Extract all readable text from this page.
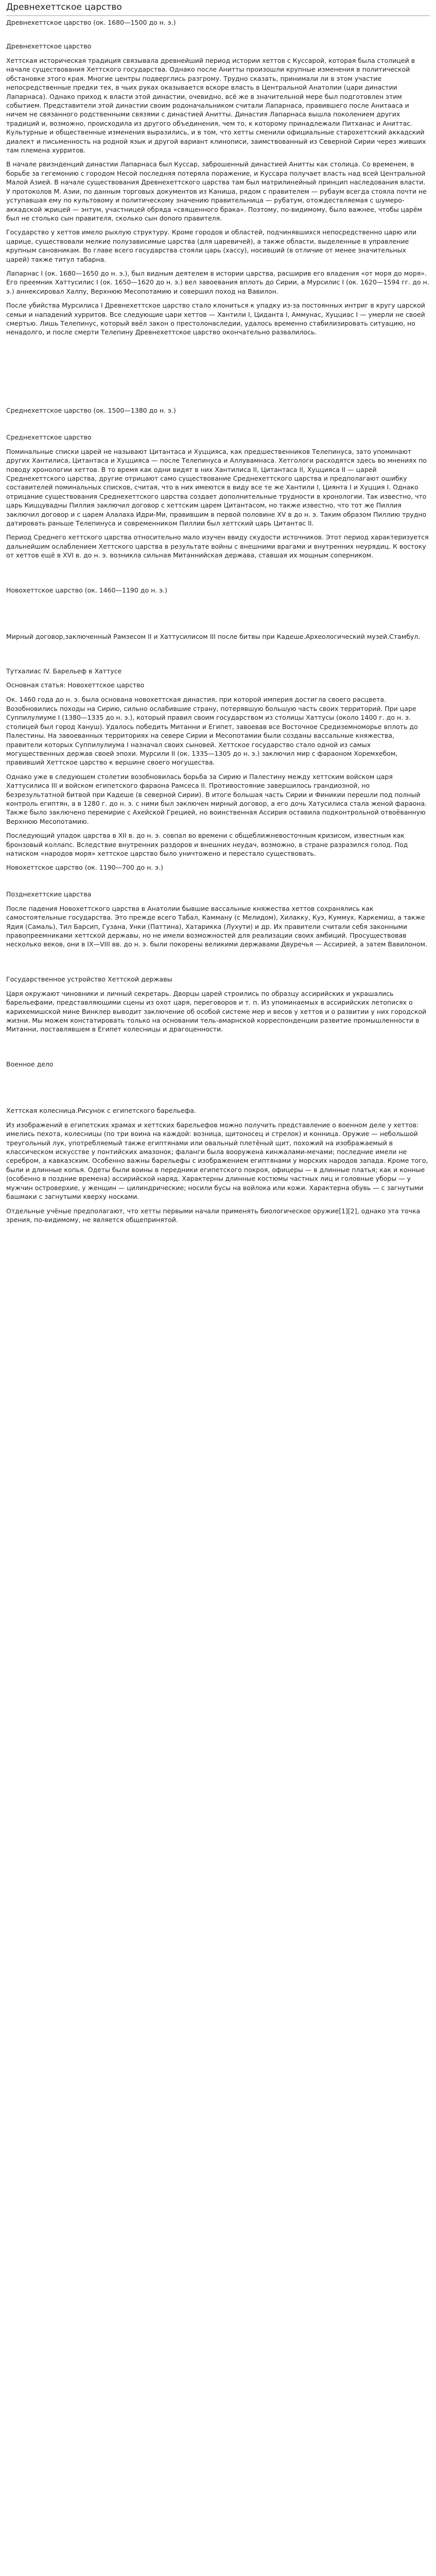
Древнехеттское царство
Древнехеттское царство (ок. 1680—1500 до н. э.)
Древнехеттское царство

Хеттская историческая традиция связывала древнейший период истории хеттов с Куссарой, которая была столицей в начале существования Хеттского государства. Однако после Анитты произошли крупные изменения в политической обстановке этого края. Многие центры подверглись разгрому. Трудно сказать, принимали ли в этом участие непосредственные предки тех, в чьих руках оказывается вскоре власть в Центральной Анатолии (цари династии Лапарнаса). Однако приход к власти этой династии, очевидно, всё же в значительной мере был подготовлен этим событием. Представители этой династии своим родоначальником считали Лапарнаса, правившего после Анитааса и ничем не связанного родственными связями с династией Анитты. Династия Лапарнаса вышла поколением других традиций и, возможно, происходила из другого объединения, чем то, к которому принадлежали Питханас и Аниттас. Культурные и общественные изменения выразились, и в том, что хетты сменили официальные старохеттский аккадский диалект и письменность на родной язык и другой вариант клинописи, заимствованный из Северной Сирии через живших там племена хурритов.

В начале рвизнденций династии Лапарнаса был Куссар, заброшенный династией Анитты как столица. Со временем, в борьбе за гегемонию с городом Несой последняя потеряла поражение, и Куссара получает власть над всей Центральной Малой Азией. В начале существования Древнехеттского царства там был матрилинейный принцип наследования власти. У протоколов М. Азии, по данным торговых документов из Каниша, рядом с правителем — рубаум всегда стояла почти не уступавшая ему по культовому и политическому значению правительница — рубатум, отождествляемая с шумеро-аккадской жрицей — энтум, участницей обряда «священного брака». Поэтому, по-видимому, было важнее, чтобы царём был не столько сын правителя, сколько сын donoro правителя.

Государство у хеттов имело рыхлую структуру. Кроме городов и областей, подчинявшихся непосредственно царю или царице, существовали мелкие полузависимые царства (для царевичей), а также области, выделенные в управление крупным сановникам. Во главе всего государства стояли царь (хассу), носивший (в отличие от менее значительных царей) также титул табарна.

Лапарнас I (ок. 1680—1650 до н. э.), был видным деятелем в истории царства, расширив его владения «от моря до моря». Его преемник Хаттусилис I (ок. 1650—1620 до н. э.) вел завоевания вплоть до Сирии, а Мурсилис I (ок. 1620—1594 гг. до н. э.) аннексировал Халпу, Верхнюю Месопотамию и совершил поход на Вавилон.

После убийства Мурсилиса I Древнехеттское царство стало клониться к упадку из-за постоянных интриг в кругу царской семьи и нападений хурритов. Все следующие цари хеттов — Хантили I, Циданта I, Аммунас, Хуцциас I — умерли не своей смертью. Лишь Телепинус, который ввёл закон о престолонаследии, удалось временно стабилизировать ситуацию, но ненадолго, и после смерти Телепину Древнехеттское царство окончательно развалилось.

Среднехеттское царство (ок. 1500—1380 до н. э.)
Среднехеттское царство

Поминальные списки царей не называют Цитантаса и Хуццияса, как предшественников Телепинуса, зато упоминают других Хантилиса, Цитантаса и Хуццияса — после Телепинуса и Аллувамнаса. Хетгологи расходятся здесь во мнениях по поводу хронологии хеттов. В то время как одни видят в них Хантилиса II, Цитантаса II, Хуццияса II — царей Среднехеттского царства, другие отрицают само существование Среднехеттского царства и предполагают ошибку составителей поминальных списков, считая, что в них имеются в виду все те же Хантили I, Циянта I и Хуцция I. Однако отрицание существования Среднехеттского царства создает дополнительные трудности в хронологии. Так известно, что царь Киццувадны Пиллия заключил договор с хеттским царем Цитантасом, но также известно, что тот же Пиллия заключил договор и с царем Алалаха Идри-Ми, правившим в первой половине XV в до н. э. Таким образом Пиллию трудно датировать раньше Телепинуса и современником Пиллии был хеттский царь Цитантас II.

Период Среднего хеттского царства относительно мало изучен ввиду скудости источников. Этот период характеризуется дальнейшим ослаблением Хеттского царства в результате войны с внешними врагами и внутренних неурядиц. К востоку от хеттов ещё в XVI в. до н. э. возникла сильная Митаннийская держава, ставшая их мощным соперником.

Новохеттское царство (ок. 1460—1190 до н. э.)

Мирный договор,заключенный Рамзесом II и Хаттусилисом III после битвы при Кадеше.Археологический музей.Стамбул.

Тутхалиас IV. Барельеф в Хаттусе

Основная статья: Новохеттское царство

Ок. 1460 года до н. э. была основана новохеттская династия, при которой империя достигла своего расцвета. Возобновились походы на Сирию, сильно ослабившие страну, потерявшую большую часть своих территорий. При царе Суппилулиуме I (1380—1335 до н. э.), который правил своим государством из столицы Хаттусы (около 1400 г. до н. э. столицей был город Хануш). Удалось победить Митанни и Египет, завоевав все Восточное Средиземноморье вплоть до Палестины. На завоеванных территориях на севере Сирии и Месопотамии были созданы вассальные княжества, правители которых Суппилулиума I назначал своих сыновей. Хеттское государство стало одной из самых могущественных держав своей эпохи. Мурсили II (ок. 1335—1305 до н. э.) заключил мир с фараоном Хоремхебом, правивший Хеттское царство к вершине своего могущества.

Однако уже в следующем столетии возобновилась борьба за Сирию и Палестину между хеттским войском царя Хаттусилиса III и войском египетского фараона Рамсеса II. Противостояние завершилось грандиозной, но безрезультатной битвой при Кадеше (в северной Сирии). В итоге большая часть Сирии и Финикии перешли под полный контроль египтян, а в 1280 г. до н. э. с ними был заключен мирный договор, а его дочь Хатусилиса стала женой фараона. Также было заключено перемирие с Ахейской Грецией, но воинственная Ассирия оставила подконтрольной отвоёванную Верхнюю Месопотамию.

Последующий упадок царства в XII в. до н. э. совпал во времени с общеближневосточным кризисом, известным как бронзовый коллапс. Вследствие внутренних раздоров и внешних неудач, возможно, в стране разразился голод. Под натиском «народов моря» хеттское царство было уничтожено и перестало существовать.

Новохеттское царство (ок. 1190—700 до н. э.)

Позднехеттские царства

После падения Новохеттского царства в Анатолии бывшие вассальные княжества хеттов сохранялись как самостоятельные государства. Это прежде всего Табал, Камману (с Мелидом), Хилакку, Куэ, Куммух, Каркемиш, а также Ядия (Самаль), Тил Барсип, Гузана, Унки (Паттина), Хатарикка (Лухути) и др. Их правители считали себя законными правопреемниками хеттской державы, но не имели возможностей для реализации своих амбиций. Просуществовав несколько веков, они в IX—VIII вв. до н. э. были покорены великими державами Двуречья — Ассирией, а затем Вавилоном.

Государственное устройство Хеттской державы

Царя окружают чиновники и личный секретарь. Дворцы царей строились по образцу ассирийских и украшались барельефами, представляющими сцены из охот царя, переговоров и т. п. Из упоминаемых в ассирийских летописях о карихемишской мине Винклер выводит заключение об особой системе мер и весов у хеттов и о развитии у них городской жизни. Мы можем констатировать только на основании тель-амарнской корреспонденции развитие промышленности в Митанни, поставлявшем в Египет колесницы и драгоценности.

Военное дело
Хеттская колесница.Рисунок с египетского барельефа.

Из изображений в египетских храмах и хеттских барельефов можно получить представление о военном деле у хеттов: имелись пехота, колесницы (по три воина на каждой: возница, щитоносец и стрелок) и конница. Оружие — небольшой треугольный лук, употребляемый также египтянами или овальный плетёный щит, похожий на изображаемый в классическом искусстве у понтийских амазонок; фаланги была вооружена кинжалами-мечами; последние имели не серебром, а кавказским. Особенно важны барельефы с изображением египтянами у морских народов запада. Кроме того, были и длинные копья. Одеты были воины в передники египетского покроя, офицеры — в длинные платья; как и конные (особенно в поздние времена) ассирийской наряд. Характерны длинные костюмы частных лиц и головные уборы — у мужчин островерхие, у женщин — цилиндрические; носили бусы на войлока или кожи. Характерна обувь — с загнутыми башмаки с загнутыми кверху носками.

Отдельные учёные предполагают, что хетты первыми начали применять биологическое оружие[1][2], однако эта точка зрения, по-видимому, не является общепринятой.
